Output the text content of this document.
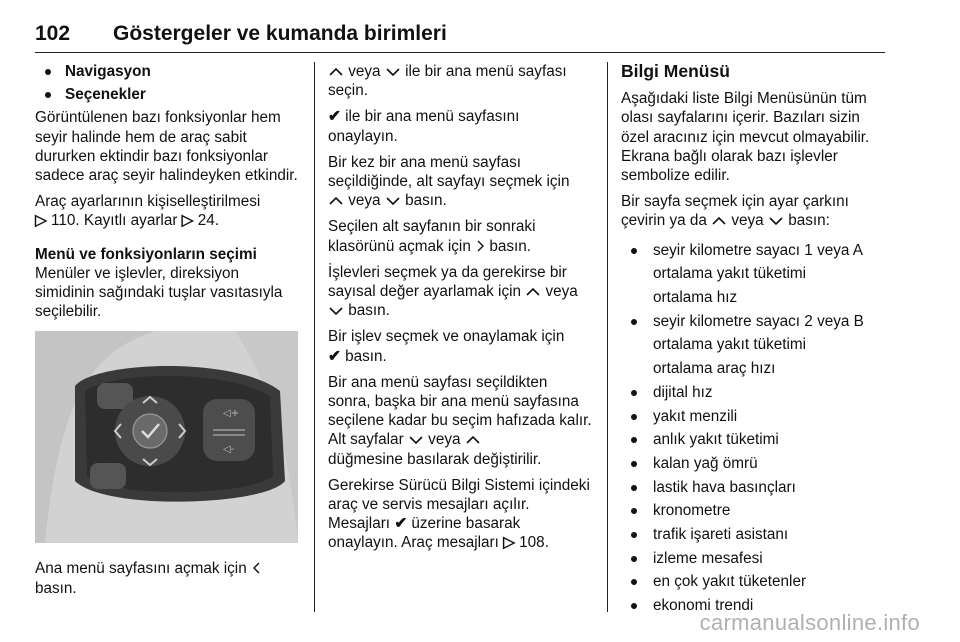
102	Göstergeler ve kumanda birimleri
Navigasyon
Seçenekler

Görüntülenen bazı fonksiyonlar hem seyir halinde hem de araç sabit dururken ektindir bazı fonksiyonlar sadece araç seyir halindeyken etkindir.

Araç ayarlarının kişiselleştirilmesi
▷ 110. Kayıtlı ayarlar ▷ 24.

Menü ve fonksiyonların seçimi

Menüler ve işlevler, direksiyon simidinin sağındaki tuşlar vasıtasıyla seçilebilir.

◁+
◁-

Ana menü sayfasını açmak için
basın.

veya ile bir ana menü sayfası seçin.

✔ ile bir ana menü sayfasını onaylayın.

Bir kez bir ana menü sayfası seçildiğinde, alt sayfayı seçmek için
veya basın.

Seçilen alt sayfanın bir sonraki klasörünü açmak için basın.

İşlevleri seçmek ya da gerekirse bir sayısal değer ayarlamak için veya
basın.

Bir işlev seçmek ve onaylamak için
✔ basın.

Bir ana menü sayfası seçildikten sonra, başka bir ana menü sayfasına seçilene kadar bu seçim hafızada kalır. Alt sayfalar veya
düğmesine basılarak değiştirilir.

Gerekirse Sürücü Bilgi Sistemi içindeki araç ve servis mesajları açılır. Mesajları ✔ üzerine basarak onaylayın. Araç mesajları ▷ 108.

Bilgi Menüsü

Aşağıdaki liste Bilgi Menüsünün tüm olası sayfalarını içerir. Bazıları sizin özel aracınız için mevcut olmayabilir. Ekrana bağlı olarak bazı işlevler sembolize edilir.

Bir sayfa seçmek için ayar çarkını çevirin ya da veya basın:

seyir kilometre sayacı 1 veya A
ortalama yakıt tüketimi
ortalama hız
seyir kilometre sayacı 2 veya B
ortalama yakıt tüketimi
ortalama araç hızı
dijital hız
yakıt menzili
anlık yakıt tüketimi
kalan yağ ömrü
lastik hava basınçları
kronometre
trafik işareti asistanı
izleme mesafesi
en çok yakıt tüketenler
ekonomi trendi
carmanualsonline.info
